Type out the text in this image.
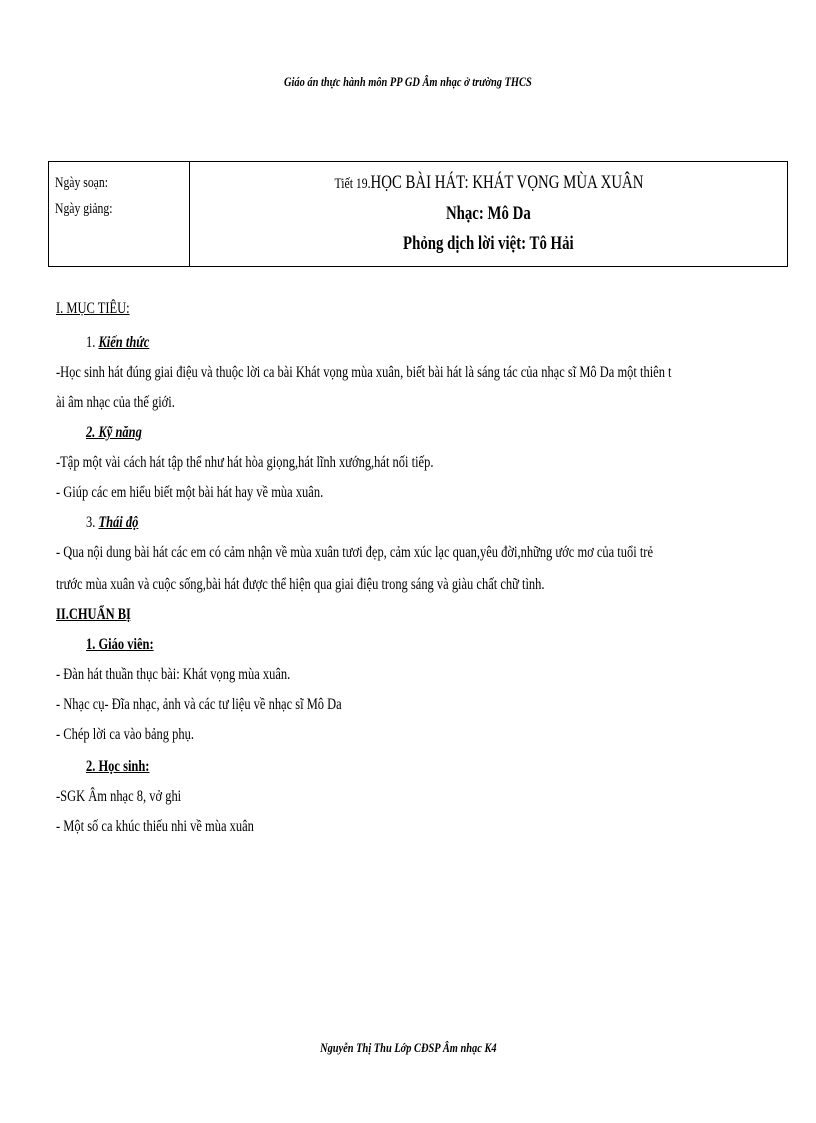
Giáo án thực hành môn PP GD Âm nhạc ở trường THCS
Ngày soạn:
Ngày giảng:	
Tiết 19.HỌC BÀI HÁT: KHÁT VỌNG MÙA XUÂN
Nhạc: Mô Da
Phỏng dịch lời việt: Tô Hải
I. MỤC TIÊU:
1. Kiến thức
-Học sinh hát đúng giai điệu và thuộc lời ca bài Khát vọng mùa xuân, biết bài hát là sáng tác của nhạc sĩ Mô Da một thiên t
ài âm nhạc của thế giới.
2. Kỹ năng
-Tập một vài cách hát tập thể như hát hòa giọng,hát lĩnh xướng,hát nối tiếp.
- Giúp các em hiểu biết một bài hát hay về mùa xuân.
3. Thái độ
- Qua nội dung bài hát các em có cảm nhận về mùa xuân tươi đẹp, cảm xúc lạc quan,yêu đời,những ước mơ của tuổi trẻ
trước mùa xuân và cuộc sống,bài hát được thể hiện qua giai điệu trong sáng và giàu chất chữ tình.
II.CHUẨN BỊ
1. Giáo viên:
- Đàn hát thuần thục bài: Khát vọng mùa xuân.
- Nhạc cụ- Đĩa nhạc, ảnh và các tư liệu về nhạc sĩ Mô Da
- Chép lời ca vào bảng phụ.
2. Học sinh:
-SGK Âm nhạc 8, vở ghi
- Một số ca khúc thiếu nhi về mùa xuân
Nguyễn Thị Thu Lớp CĐSP Âm nhạc K4
